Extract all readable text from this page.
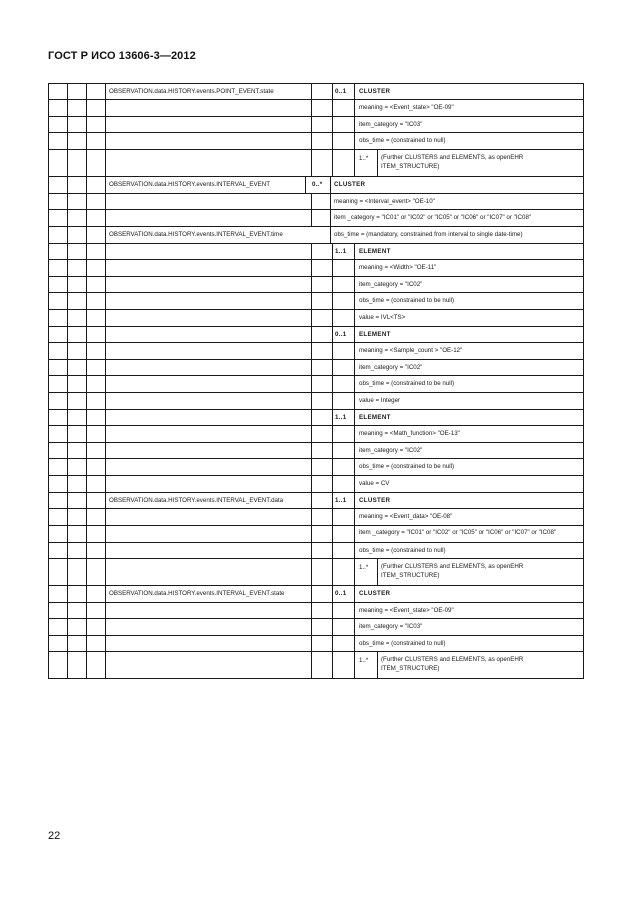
ГОСТ Р ИСО 13606-3—2012
OBSERVATION.data.HISTORY.events.POINT_EVENT.state	0..1 CLUSTER
meaning = <Event_state> "OE-09"
item_category = "IC03"
obs_time = (constrained to null)
1..* (Further CLUSTERS and ELEMENTS, as openEHR ITEM_STRUCTURE)
OBSERVATION.data.HISTORY.events.INTERVAL_EVENT	0..* CLUSTER
meaning = <Interval_event> "OE-10"
item _category = "IC01" or "IC02" or "IC05" or "IC06" or "IC07" or "IC08"
OBSERVATION.data.HISTORY.events.INTERVAL_EVENT.time	obs_time = (mandatory, constrained from interval to single date-time)
1..1 ELEMENT
meaning = <Width> "OE-11"
item_category = "IC02"
obs_time = (constrained to be null)
value = IVL<TS>
0..1 ELEMENT
meaning = <Sample_count > "OE-12"
item_category = "IC02"
obs_time = (constrained to be null)
value = Integer
1..1 ELEMENT
meaning = <Math_function> "OE-13"
item_category = "IC02"
obs_time = (constrained to be null)
value = CV
OBSERVATION.data.HISTORY.events.INTERVAL_EVENT.data	1..1 CLUSTER
meaning = <Event_data> "OE-08"
item _category = "IC01" or "IC02" or "IC05" or "IC06" or "IC07" or "IC08"
obs_time = (constrained to null)
1..* (Further CLUSTERS and ELEMENTS, as openEHR ITEM_STRUCTURE)
OBSERVATION.data.HISTORY.events.INTERVAL_EVENT.state	0..1 CLUSTER
meaning = <Event_state> "OE-09"
item_category = "IC03"
obs_time = (constrained to null)
1..* (Further CLUSTERS and ELEMENTS, as openEHR ITEM_STRUCTURE)
22
